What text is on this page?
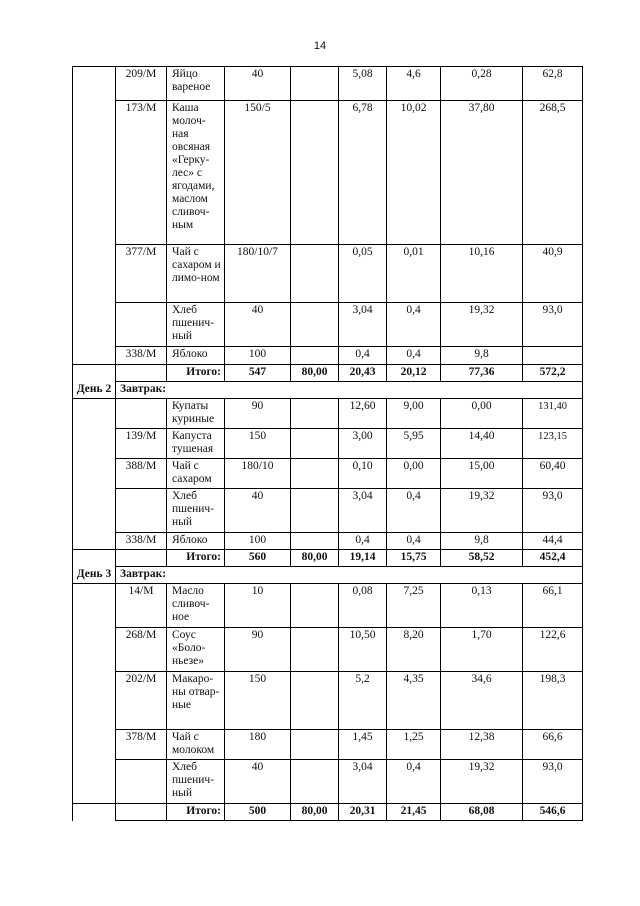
14
	209/М	Яйцо вареное	40		5,08	4,6	0,28	62,8
	173/М	Каша молоч-ная овсяная «Герку-лес» с ягодами, маслом сливоч-ным	150/5		6,78	10,02	37,80	268,5
	377/М	Чай с сахаром и лимо-ном	180/10/7		0,05	0,01	10,16	40,9
		Хлеб пшенич-ный	40		3,04	0,4	19,32	93,0
	338/М	Яблоко	100		0,4	0,4	9,8	
		Итого:	547	80,00	20,43	20,12	77,36	572,2
День 2	Завтрак:							
		Купаты куриные	90		12,60	9,00	0,00	131,40
	139/М	Капуста тушеная	150		3,00	5,95	14,40	123,15
	388/М	Чай с сахаром	180/10		0,10	0,00	15,00	60,40
		Хлеб пшенич-ный	40		3,04	0,4	19,32	93,0
	338/М	Яблоко	100		0,4	0,4	9,8	44,4
		Итого:	560	80,00	19,14	15,75	58,52	452,4
День 3	Завтрак:							
	14/М	Масло сливоч-ное	10		0,08	7,25	0,13	66,1
	268/М	Соус «Боло-ньезе»	90		10,50	8,20	1,70	122,6
	202/М	Макаро-ны отвар-ные	150		5,2	4,35	34,6	198,3
	378/М	Чай с молоком	180		1,45	1,25	12,38	66,6
		Хлеб пшенич-ный	40		3,04	0,4	19,32	93,0
		Итого:	500	80,00	20,31	21,45	68,08	546,6
